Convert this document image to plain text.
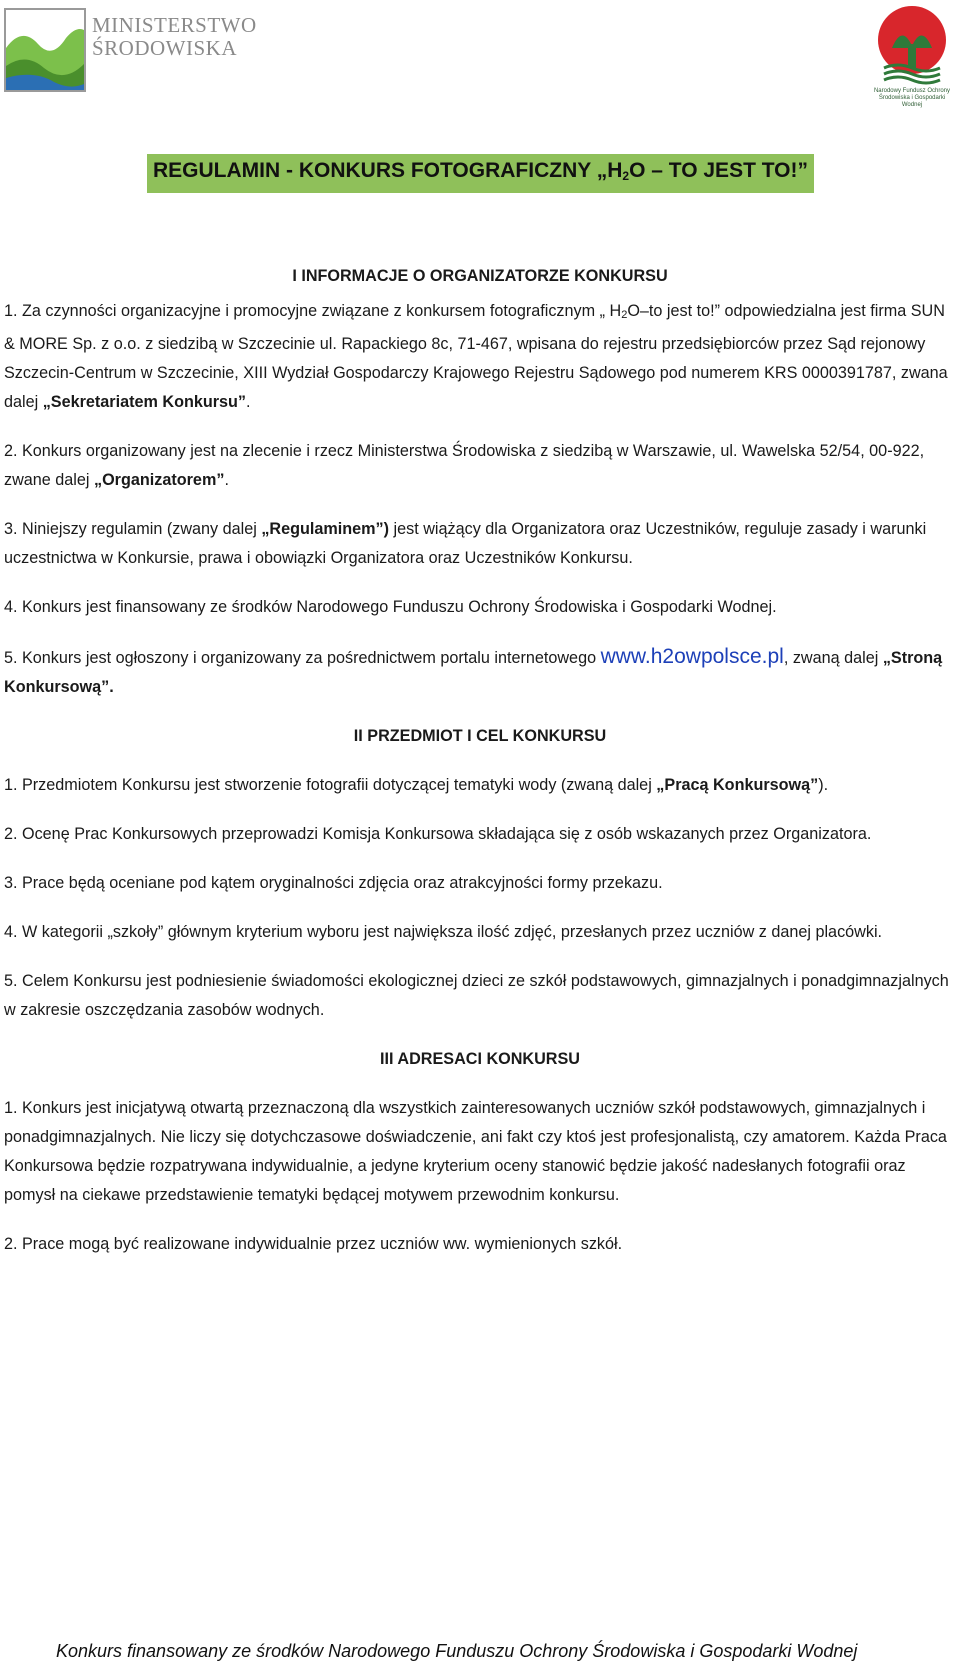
MINISTERSTWO
ŚRODOWISKA
Narodowy Fundusz Ochrony Środowiska i Gospodarki Wodnej
REGULAMIN - KONKURS FOTOGRAFICZNY $„H_2O$ – TO JEST TO!”
I INFORMACJE O ORGANIZATORZE KONKURSU

1. Za czynności organizacyjne i promocyjne związane z konkursem fotograficznym „ $H_2O-to$ jest to!” odpowiedzialna jest firma SUN & MORE Sp. z o.o. z siedzibą w Szczecinie ul. Rapackiego 8c, 71-467, wpisana do rejestru przedsiębiorców przez Sąd rejonowy Szczecin-Centrum w Szczecinie, XIII Wydział Gospodarczy Krajowego Rejestru Sądowego pod numerem KRS 0000391787, zwana dalej „Sekretariatem Konkursu”.

2. Konkurs organizowany jest na zlecenie i rzecz Ministerstwa Środowiska z siedzibą w Warszawie, ul. Wawelska 52/54, 00-922, zwane dalej „Organizatorem”.

3. Niniejszy regulamin (zwany dalej „Regulaminem”) jest wiążący dla Organizatora oraz Uczestników, reguluje zasady i warunki uczestnictwa w Konkursie, prawa i obowiązki Organizatora oraz Uczestników Konkursu.

4. Konkurs jest finansowany ze środków Narodowego Funduszu Ochrony Środowiska i Gospodarki Wodnej.

5. Konkurs jest ogłoszony i organizowany za pośrednictwem portalu internetowego www.h2owpolsce.pl, zwaną dalej „Stroną Konkursową”.

II PRZEDMIOT I CEL KONKURSU

1. Przedmiotem Konkursu jest stworzenie fotografii dotyczącej tematyki wody (zwaną dalej „Pracą Konkursową”).

2. Ocenę Prac Konkursowych przeprowadzi Komisja Konkursowa składająca się z osób wskazanych przez Organizatora.

3. Prace będą oceniane pod kątem oryginalności zdjęcia oraz atrakcyjności formy przekazu.

4. W kategorii „szkoły” głównym kryterium wyboru jest największa ilość zdjęć, przesłanych przez uczniów z danej placówki.

5. Celem Konkursu jest podniesienie świadomości ekologicznej dzieci ze szkół podstawowych, gimnazjalnych i ponadgimnazjalnych w zakresie oszczędzania zasobów wodnych.

III ADRESACI KONKURSU

1. Konkurs jest inicjatywą otwartą przeznaczoną dla wszystkich zainteresowanych uczniów szkół podstawowych, gimnazjalnych i ponadgimnazjalnych. Nie liczy się dotychczasowe doświadczenie, ani fakt czy ktoś jest profesjonalistą, czy amatorem. Każda Praca Konkursowa będzie rozpatrywana indywidualnie, a jedyne kryterium oceny stanowić będzie jakość nadesłanych fotografii oraz pomysł na ciekawe przedstawienie tematyki będącej motywem przewodnim konkursu.

2. Prace mogą być realizowane indywidualnie przez uczniów ww. wymienionych szkół.

Konkurs finansowany ze środków Narodowego Funduszu Ochrony Środowiska i Gospodarki Wodnej
